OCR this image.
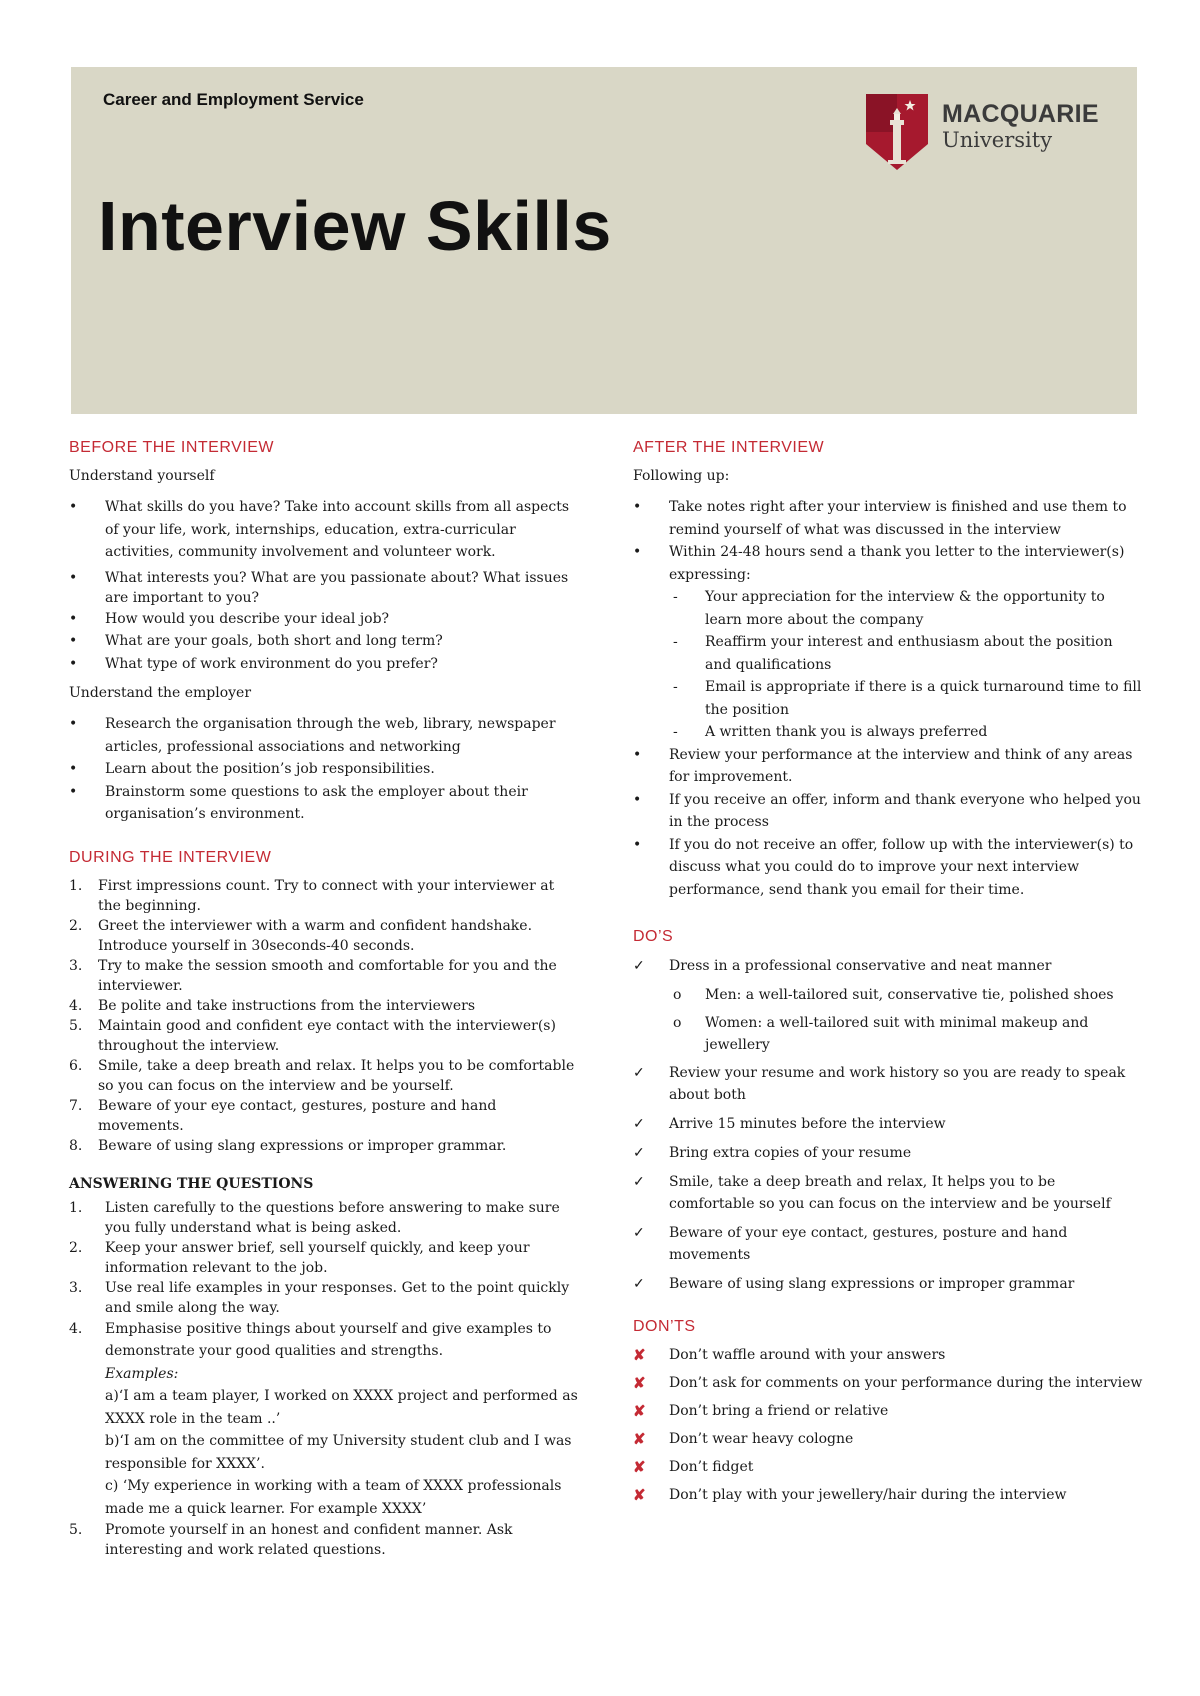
Career and Employment Service
Interview Skills
MACQUARIE
University
BEFORE THE INTERVIEW
Understand yourself
•	What skills do you have? Take into account skills from all aspects of your life, work, internships, education, extra-curricular activities, community involvement and volunteer work.
•	What interests you? What are you passionate about? What issues are important to you?
•	How would you describe your ideal job?
•	What are your goals, both short and long term?
•	What type of work environment do you prefer?
Understand the employer
•	Research the organisation through the web, library, newspaper articles, professional associations and networking
•	Learn about the position’s job responsibilities.
•	Brainstorm some questions to ask the employer about their organisation’s environment.
DURING THE INTERVIEW
1. First impressions count. Try to connect with your interviewer at the beginning.
2. Greet the interviewer with a warm and confident handshake. Introduce yourself in 30seconds-40 seconds.
3. Try to make the session smooth and comfortable for you and the interviewer.
4. Be polite and take instructions from the interviewers
5. Maintain good and confident eye contact with the interviewer(s) throughout the interview.
6. Smile, take a deep breath and relax. It helps you to be comfortable so you can focus on the interview and be yourself.
7. Beware of your eye contact, gestures, posture and hand movements.
8. Beware of using slang expressions or improper grammar.
ANSWERING THE QUESTIONS
1. Listen carefully to the questions before answering to make sure you fully understand what is being asked.
2. Keep your answer brief, sell yourself quickly, and keep your information relevant to the job.
3. Use real life examples in your responses. Get to the point quickly and smile along the way.
4. Emphasise positive things about yourself and give examples to demonstrate your good qualities and strengths.
Examples:
a)‘I am a team player, I worked on XXXX project and performed as XXXX role in the team ..’
b)‘I am on the committee of my University student club and I was responsible for XXXX’.
c) ‘My experience in working with a team of XXXX professionals made me a quick learner. For example XXXX’
5. Promote yourself in an honest and confident manner. Ask interesting and work related questions.
AFTER THE INTERVIEW
Following up:
•	Take notes right after your interview is finished and use them to remind yourself of what was discussed in the interview
•	Within 24-48 hours send a thank you letter to the interviewer(s) expressing:
- Your appreciation for the interview & the opportunity to learn more about the company
- Reaffirm your interest and enthusiasm about the position and qualifications
- Email is appropriate if there is a quick turnaround time to fill the position
- A written thank you is always preferred
•	Review your performance at the interview and think of any areas for improvement.
•	If you receive an offer, inform and thank everyone who helped you in the process
•	If you do not receive an offer, follow up with the interviewer(s) to discuss what you could do to improve your next interview performance, send thank you email for their time.
DO’S
✓ Dress in a professional conservative and neat manner
o Men: a well-tailored suit, conservative tie, polished shoes
o Women: a well-tailored suit with minimal makeup and jewellery
✓ Review your resume and work history so you are ready to speak about both
✓ Arrive 15 minutes before the interview
✓ Bring extra copies of your resume
✓ Smile, take a deep breath and relax, It helps you to be comfortable so you can focus on the interview and be yourself
✓ Beware of your eye contact, gestures, posture and hand movements
✓ Beware of using slang expressions or improper grammar
DON’TS
✘ Don’t waffle around with your answers
✘ Don’t ask for comments on your performance during the interview
✘ Don’t bring a friend or relative
✘ Don’t wear heavy cologne
✘ Don’t fidget
✘ Don’t play with your jewellery/hair during the interview
